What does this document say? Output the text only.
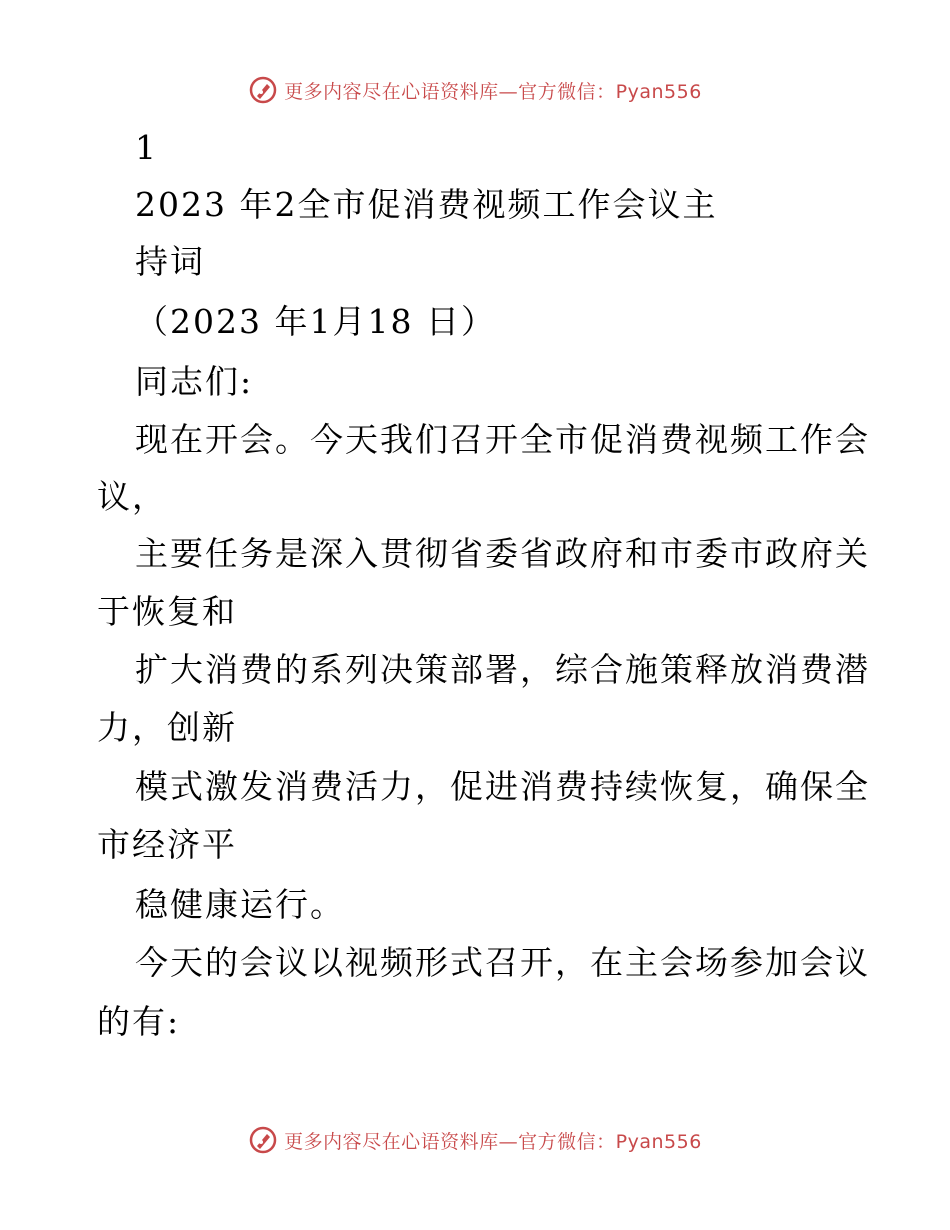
更多内容尽在心语资料库—官方微信：Pyan556
1
2023 年2全市促消费视频工作会议主
持词
（2023 年1月18 日）
同志们:
现在开会。今天我们召开全市促消费视频工作会
议，
主要任务是深入贯彻省委省政府和市委市政府关
于恢复和
扩大消费的系列决策部署，综合施策释放消费潜
力，创新
模式激发消费活力，促进消费持续恢复，确保全
市经济平
稳健康运行。
今天的会议以视频形式召开，在主会场参加会议
的有:
更多内容尽在心语资料库—官方微信：Pyan556
